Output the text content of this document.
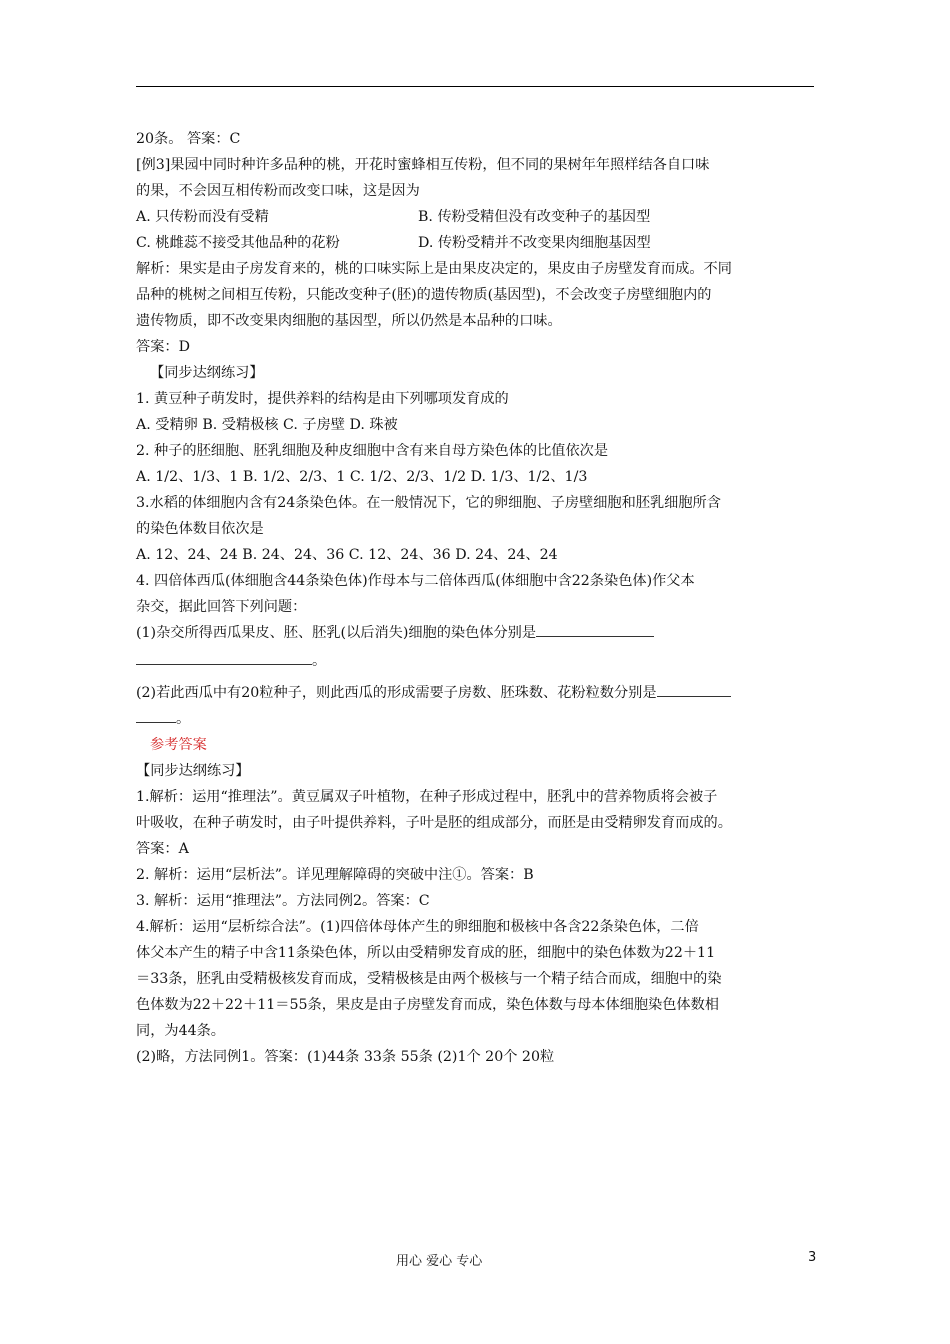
20条。 答案：C
[例3]果园中同时种许多品种的桃，开花时蜜蜂相互传粉，但不同的果树年年照样结各自口味
的果，不会因互相传粉而改变口味，这是因为
A. 只传粉而没有受精	B. 传粉受精但没有改变种子的基因型
C. 桃雌蕊不接受其他品种的花粉	D. 传粉受精并不改变果肉细胞基因型
解析：果实是由子房发育来的，桃的口味实际上是由果皮决定的，果皮由子房壁发育而成。不同
品种的桃树之间相互传粉，只能改变种子(胚)的遗传物质(基因型)，不会改变子房壁细胞内的
遗传物质，即不改变果肉细胞的基因型，所以仍然是本品种的口味。
答案：D
【同步达纲练习】
1. 黄豆种子萌发时，提供养料的结构是由下列哪项发育成的
A. 受精卵 B. 受精极核 C. 子房壁 D. 珠被
2. 种子的胚细胞、胚乳细胞及种皮细胞中含有来自母方染色体的比值依次是
A. 1/2、1/3、1 B. 1/2、2/3、1 C. 1/2、2/3、1/2 D. 1/3、1/2、1/3
3.水稻的体细胞内含有24条染色体。在一般情况下，它的卵细胞、子房壁细胞和胚乳细胞所含
的染色体数目依次是
A. 12、24、24 B. 24、24、36 C. 12、24、36 D. 24、24、24
4. 四倍体西瓜(体细胞含44条染色体)作母本与二倍体西瓜(体细胞中含22条染色体)作父本
杂交，据此回答下列问题：
(1)杂交所得西瓜果皮、胚、胚乳(以后消失)细胞的染色体分别是
。
(2)若此西瓜中有20粒种子，则此西瓜的形成需要子房数、胚珠数、花粉粒数分别是
。
参考答案
【同步达纲练习】
1.解析：运用“推理法”。黄豆属双子叶植物，在种子形成过程中，胚乳中的营养物质将会被子
叶吸收，在种子萌发时，由子叶提供养料，子叶是胚的组成部分，而胚是由受精卵发育而成的。
答案：A
2. 解析：运用“层析法”。详见理解障碍的突破中注①。答案：B
3. 解析：运用“推理法”。方法同例2。答案：C
4.解析：运用“层析综合法”。(1)四倍体母体产生的卵细胞和极核中各含22条染色体，二倍
体父本产生的精子中含11条染色体，所以由受精卵发育成的胚，细胞中的染色体数为22＋11
＝33条，胚乳由受精极核发育而成，受精极核是由两个极核与一个精子结合而成，细胞中的染
色体数为22＋22＋11＝55条，果皮是由子房壁发育而成，染色体数与母本体细胞染色体数相
同，为44条。
(2)略，方法同例1。答案：(1)44条 33条 55条 (2)1个 20个 20粒
用心 爱心 专心	3
